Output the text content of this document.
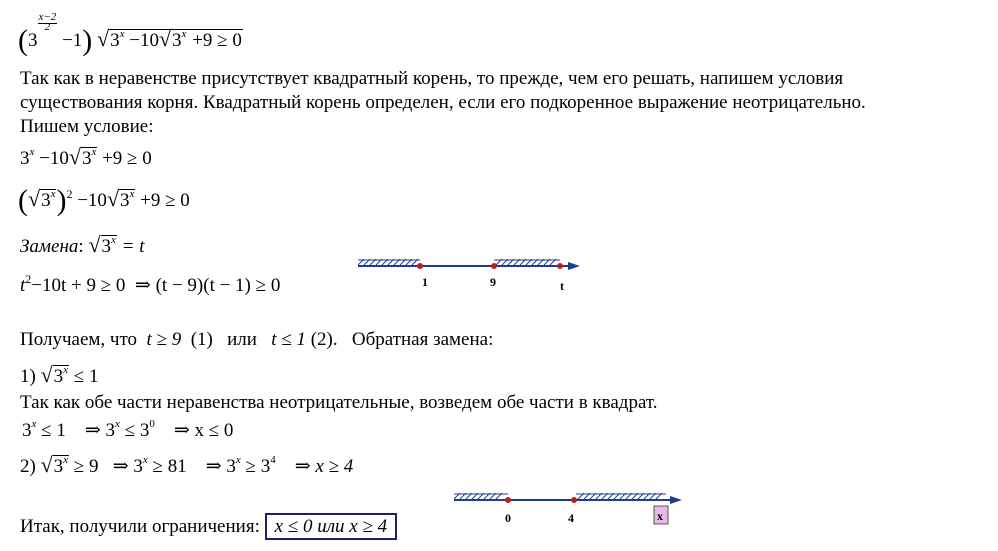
$(3\frac{x-2}{2} -1)$ $√3^x -10√3^x +9 \ge 0$
Так как в неравенстве присутствует квадратный корень, то прежде, чем его решать, напишем условия
существования корня. Квадратный корень определен, если его подкоренное выражение неотрицательно.
Пишем условие:
$3^x -10√3^x +9 \ge 0$
$(√3^x)^2 -10√3^x +9 \ge 0$
Замена: $√3^x = t$
$t^2-10t + 9 \ge 0$ ⇒ (t − 9)(t − 1) ≥ 0	1	9	t
Получаем, что t ≥ 9 (1) или t ≤ 1 (2). Обратная замена:
1) $√3^x \le 1$
Так как обе части неравенства неотрицательные, возведем обе части в квадрат.
$3^x \le 1$ ⇒ $3^x \le 3^0$ ⇒ x ≤ 0
2) $√3^x \ge 9$ ⇒ $3^x \ge 81$ ⇒ $3^x \ge 3^4$ ⇒ x ≥ 4
0	4	x
Итак, получили ограничения: x ≤ 0 или x ≥ 4
